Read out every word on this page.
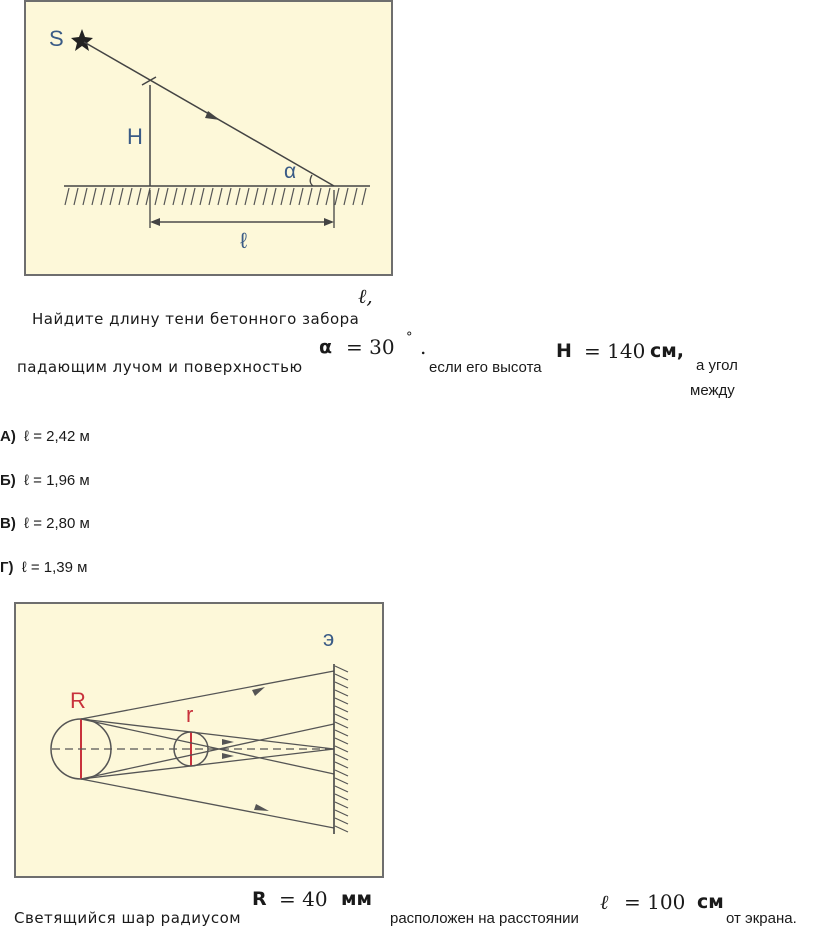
S
H
α
ℓ
ℓ,
Найдите длину тени бетонного забора
α = 30 ° .	H = 140 см,
падающим лучом и поверхностью	если его высота	а угол
между
А) ℓ = 2,42 м
Б) ℓ = 1,96 м
В) ℓ = 2,80 м
Г) ℓ = 1,39 м
R
r
э
R = 40 мм	ℓ = 100 см
Светящийся шар радиусом	расположен на расстоянии	от экрана.
